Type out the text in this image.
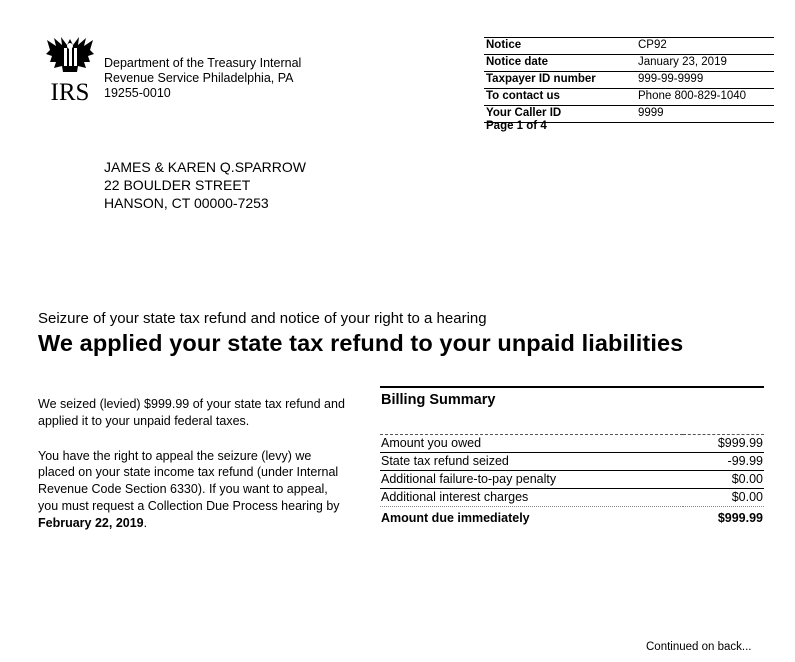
IRS
Department of the Treasury Internal
Revenue Service Philadelphia, PA
19255-0010
Notice	CP92
Notice date	January 23, 2019
Taxpayer ID number	999-99-9999
To contact us	Phone 800-829-1040
Your Caller ID	9999
Page 1 of 4
JAMES & KAREN Q.SPARROW
22 BOULDER STREET
HANSON, CT 00000-7253
Seizure of your state tax refund and notice of your right to a hearing
We applied your state tax refund to your unpaid liabilities

We seized (levied) $999.99 of your state tax refund and applied it to your unpaid federal taxes.

You have the right to appeal the seizure (levy) we placed on your state income tax refund (under Internal Revenue Code Section 6330). If you want to appeal, you must request a Collection Due Process hearing by February 22, 2019.

Billing Summary
Amount you owed	$999.99
State tax refund seized	-99.99
Additional failure-to-pay penalty	$0.00
Additional interest charges	$0.00
Amount due immediately	$999.99
Continued on back...
